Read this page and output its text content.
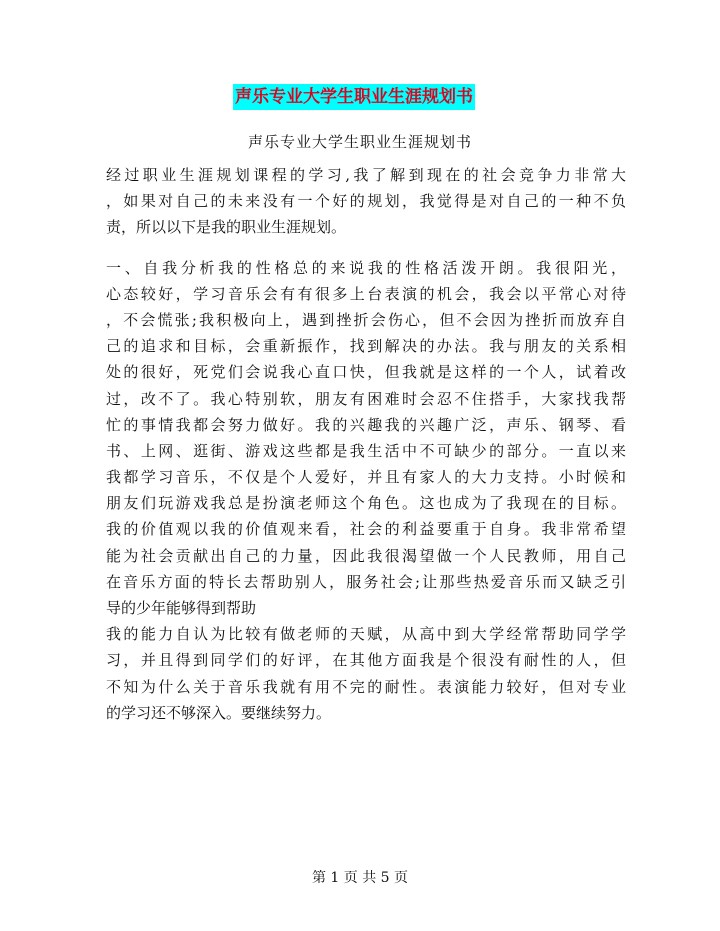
声乐专业大学生职业生涯规划书
声乐专业大学生职业生涯规划书
经过职业生涯规划课程的学习,我了解到现在的社会竞争力非常大
，如果对自己的未来没有一个好的规划，我觉得是对自己的一种不负
责，所以以下是我的职业生涯规划。
一、自我分析我的性格总的来说我的性格活泼开朗。我很阳光，
心态较好，学习音乐会有有很多上台表演的机会，我会以平常心对待
，不会慌张;我积极向上，遇到挫折会伤心，但不会因为挫折而放弃自
己的追求和目标，会重新振作，找到解决的办法。我与朋友的关系相
处的很好，死党们会说我心直口快，但我就是这样的一个人，试着改
过，改不了。我心特别软，朋友有困难时会忍不住搭手，大家找我帮
忙的事情我都会努力做好。我的兴趣我的兴趣广泛，声乐、钢琴、看
书、上网、逛街、游戏这些都是我生活中不可缺少的部分。一直以来
我都学习音乐，不仅是个人爱好，并且有家人的大力支持。小时候和
朋友们玩游戏我总是扮演老师这个角色。这也成为了我现在的目标。
我的价值观以我的价值观来看，社会的利益要重于自身。我非常希望
能为社会贡献出自己的力量，因此我很渴望做一个人民教师，用自己
在音乐方面的特长去帮助别人，服务社会;让那些热爱音乐而又缺乏引
导的少年能够得到帮助
我的能力自认为比较有做老师的天赋，从高中到大学经常帮助同学学
习，并且得到同学们的好评，在其他方面我是个很没有耐性的人，但
不知为什么关于音乐我就有用不完的耐性。表演能力较好，但对专业
的学习还不够深入。要继续努力。
第 1 页 共 5 页
